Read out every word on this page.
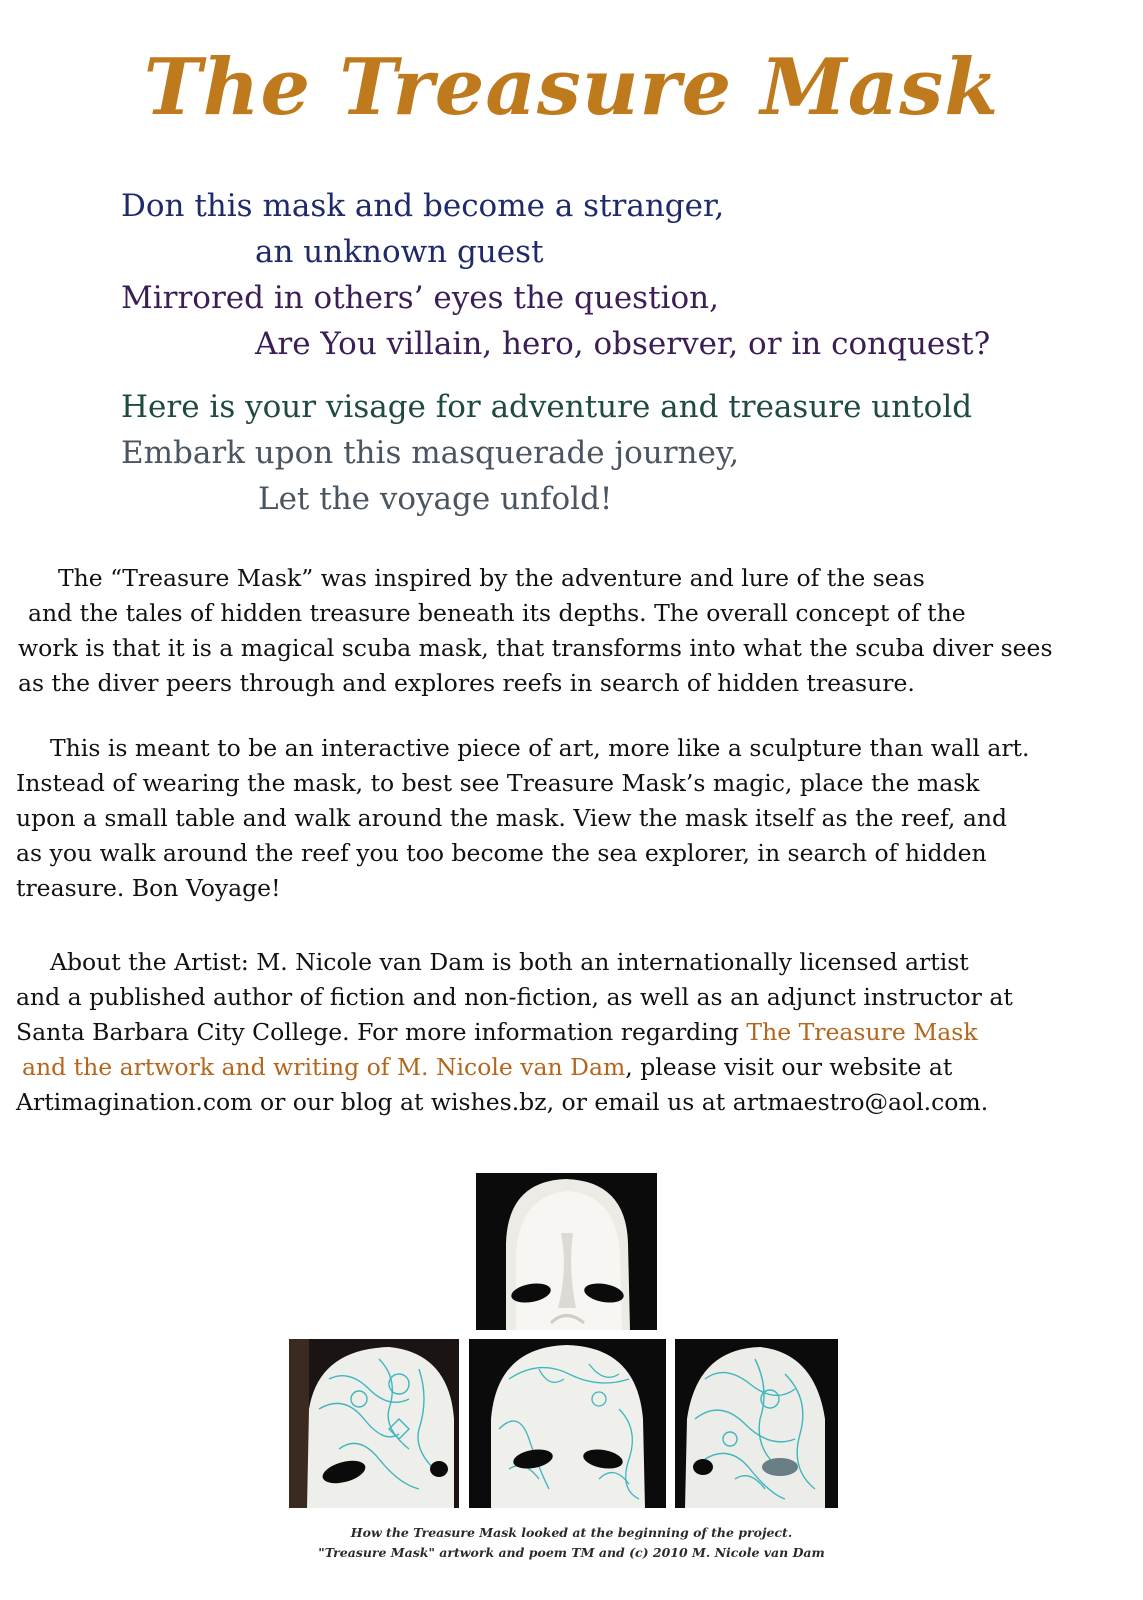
The Treasure Mask
Don this mask and become a stranger,
an unknown guest
Mirrored in others’ eyes the question,
Are You villain, hero, observer, or in conquest?
Here is your visage for adventure and treasure untold
Embark upon this masquerade journey,
Let the voyage unfold!
The “Treasure Mask” was inspired by the adventure and lure of the seas
and the tales of hidden treasure beneath its depths. The overall concept of the
work is that it is a magical scuba mask, that transforms into what the scuba diver sees
as the diver peers through and explores reefs in search of hidden treasure.
This is meant to be an interactive piece of art, more like a sculpture than wall art.
Instead of wearing the mask, to best see Treasure Mask’s magic, place the mask
upon a small table and walk around the mask. View the mask itself as the reef, and
as you walk around the reef you too become the sea explorer, in search of hidden
treasure. Bon Voyage!
About the Artist: M. Nicole van Dam is both an internationally licensed artist
and a published author of fiction and non-fiction, as well as an adjunct instructor at
Santa Barbara City College. For more information regarding The Treasure Mask
and the artwork and writing of M. Nicole van Dam, please visit our website at
Artimagination.com or our blog at wishes.bz, or email us at artmaestro@aol.com.
How the Treasure Mask looked at the beginning of the project.
"Treasure Mask" artwork and poem TM and (c) 2010 M. Nicole van Dam
